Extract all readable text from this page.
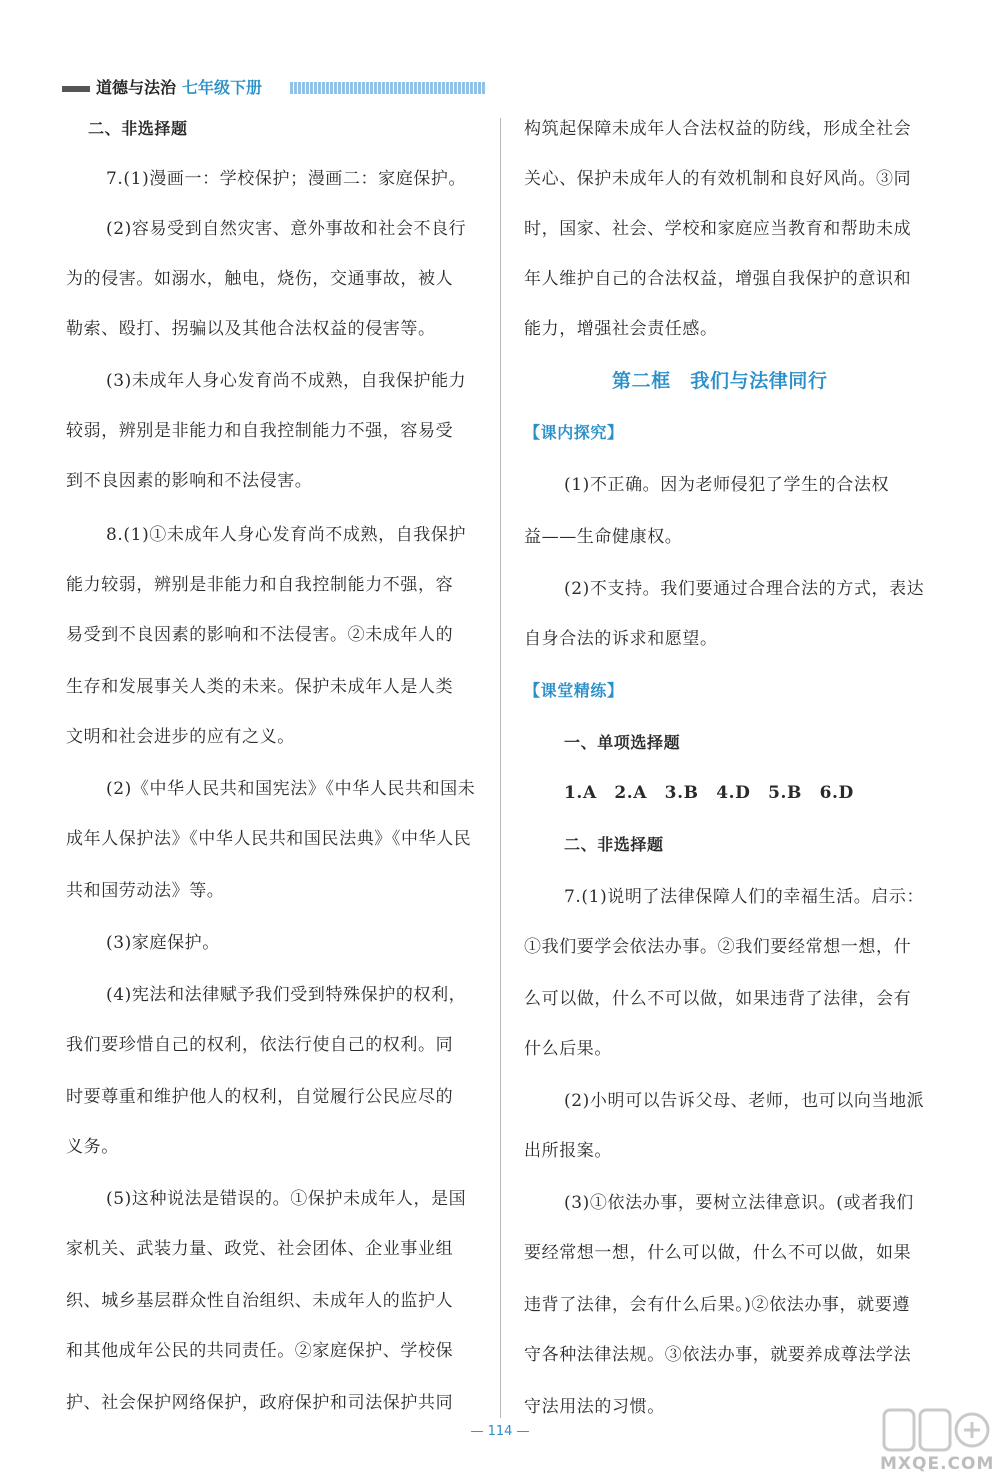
道德与法治 七年级下册
二、非选择题
7.(1)漫画一：学校保护；漫画二：家庭保护。
(2)容易受到自然灾害、意外事故和社会不良行
为的侵害。如溺水，触电，烧伤，交通事故，被人
勒索、殴打、拐骗以及其他合法权益的侵害等。
(3)未成年人身心发育尚不成熟，自我保护能力
较弱，辨别是非能力和自我控制能力不强，容易受
到不良因素的影响和不法侵害。
8.(1)①未成年人身心发育尚不成熟，自我保护
能力较弱，辨别是非能力和自我控制能力不强，容
易受到不良因素的影响和不法侵害。②未成年人的
生存和发展事关人类的未来。保护未成年人是人类
文明和社会进步的应有之义。
(2)《中华人民共和国宪法》《中华人民共和国未
成年人保护法》《中华人民共和国民法典》《中华人民
共和国劳动法》等。
(3)家庭保护。
(4)宪法和法律赋予我们受到特殊保护的权利，
我们要珍惜自己的权利，依法行使自己的权利。同
时要尊重和维护他人的权利，自觉履行公民应尽的
义务。
(5)这种说法是错误的。①保护未成年人，是国
家机关、武装力量、政党、社会团体、企业事业组
织、城乡基层群众性自治组织、未成年人的监护人
和其他成年公民的共同责任。②家庭保护、学校保
护、社会保护网络保护，政府保护和司法保护共同
构筑起保障未成年人合法权益的防线，形成全社会
关心、保护未成年人的有效机制和良好风尚。③同
时，国家、社会、学校和家庭应当教育和帮助未成
年人维护自己的合法权益，增强自我保护的意识和
能力，增强社会责任感。
第二框　我们与法律同行
【课内探究】
(1)不正确。因为老师侵犯了学生的合法权
益——生命健康权。
(2)不支持。我们要通过合理合法的方式，表达
自身合法的诉求和愿望。
【课堂精练】
一、单项选择题
1.A　2.A　3.B　4.D　5.B　6.D
二、非选择题
7.(1)说明了法律保障人们的幸福生活。启示：
①我们要学会依法办事。②我们要经常想一想，什
么可以做，什么不可以做，如果违背了法律，会有
什么后果。
(2)小明可以告诉父母、老师，也可以向当地派
出所报案。
(3)①依法办事，要树立法律意识。(或者我们
要经常想一想，什么可以做，什么不可以做，如果
违背了法律，会有什么后果。)②依法办事，就要遵
守各种法律法规。③依法办事，就要养成尊法学法
守法用法的习惯。
— 114 —
MXQE.COM
